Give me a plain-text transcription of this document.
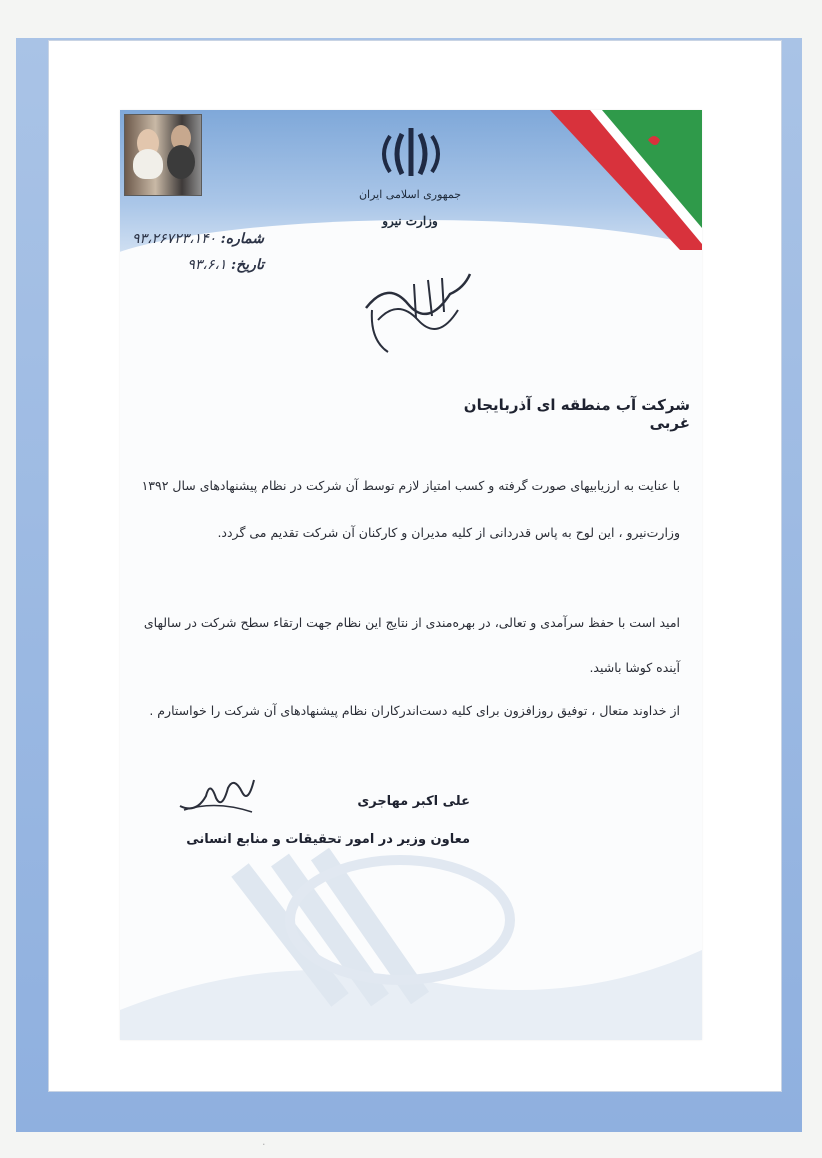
جمهوری اسلامی ایران
وزارت نیرو
شماره: ۹۳،۲۶۷۲۳،۱۴۰
تاریخ: ۹۳،۶،۱
شرکت آب منطقه ای آذربایجان غربی
با عنایت به ارزیابیهای صورت گرفته و کسب امتیاز لازم توسط آن شرکت در نظام پیشنهادهای سال ۱۳۹۲ وزارت‌نیرو ، این لوح به پاس قدردانی از کلیه مدیران و کارکنان آن شرکت تقدیم می گردد.
امید است با حفظ سرآمدی و تعالی، در بهره‌مندی از نتایج این نظام جهت ارتقاء سطح شرکت در سالهای آینده کوشا باشید.
از خداوند متعال ، توفیق روزافزون برای کلیه دست‌اندرکاران نظام پیشنهادهای آن شرکت را خواستارم .
علی اکبر مهاجری
معاون وزیر در امور تحقیقات و منابع انسانی
·
